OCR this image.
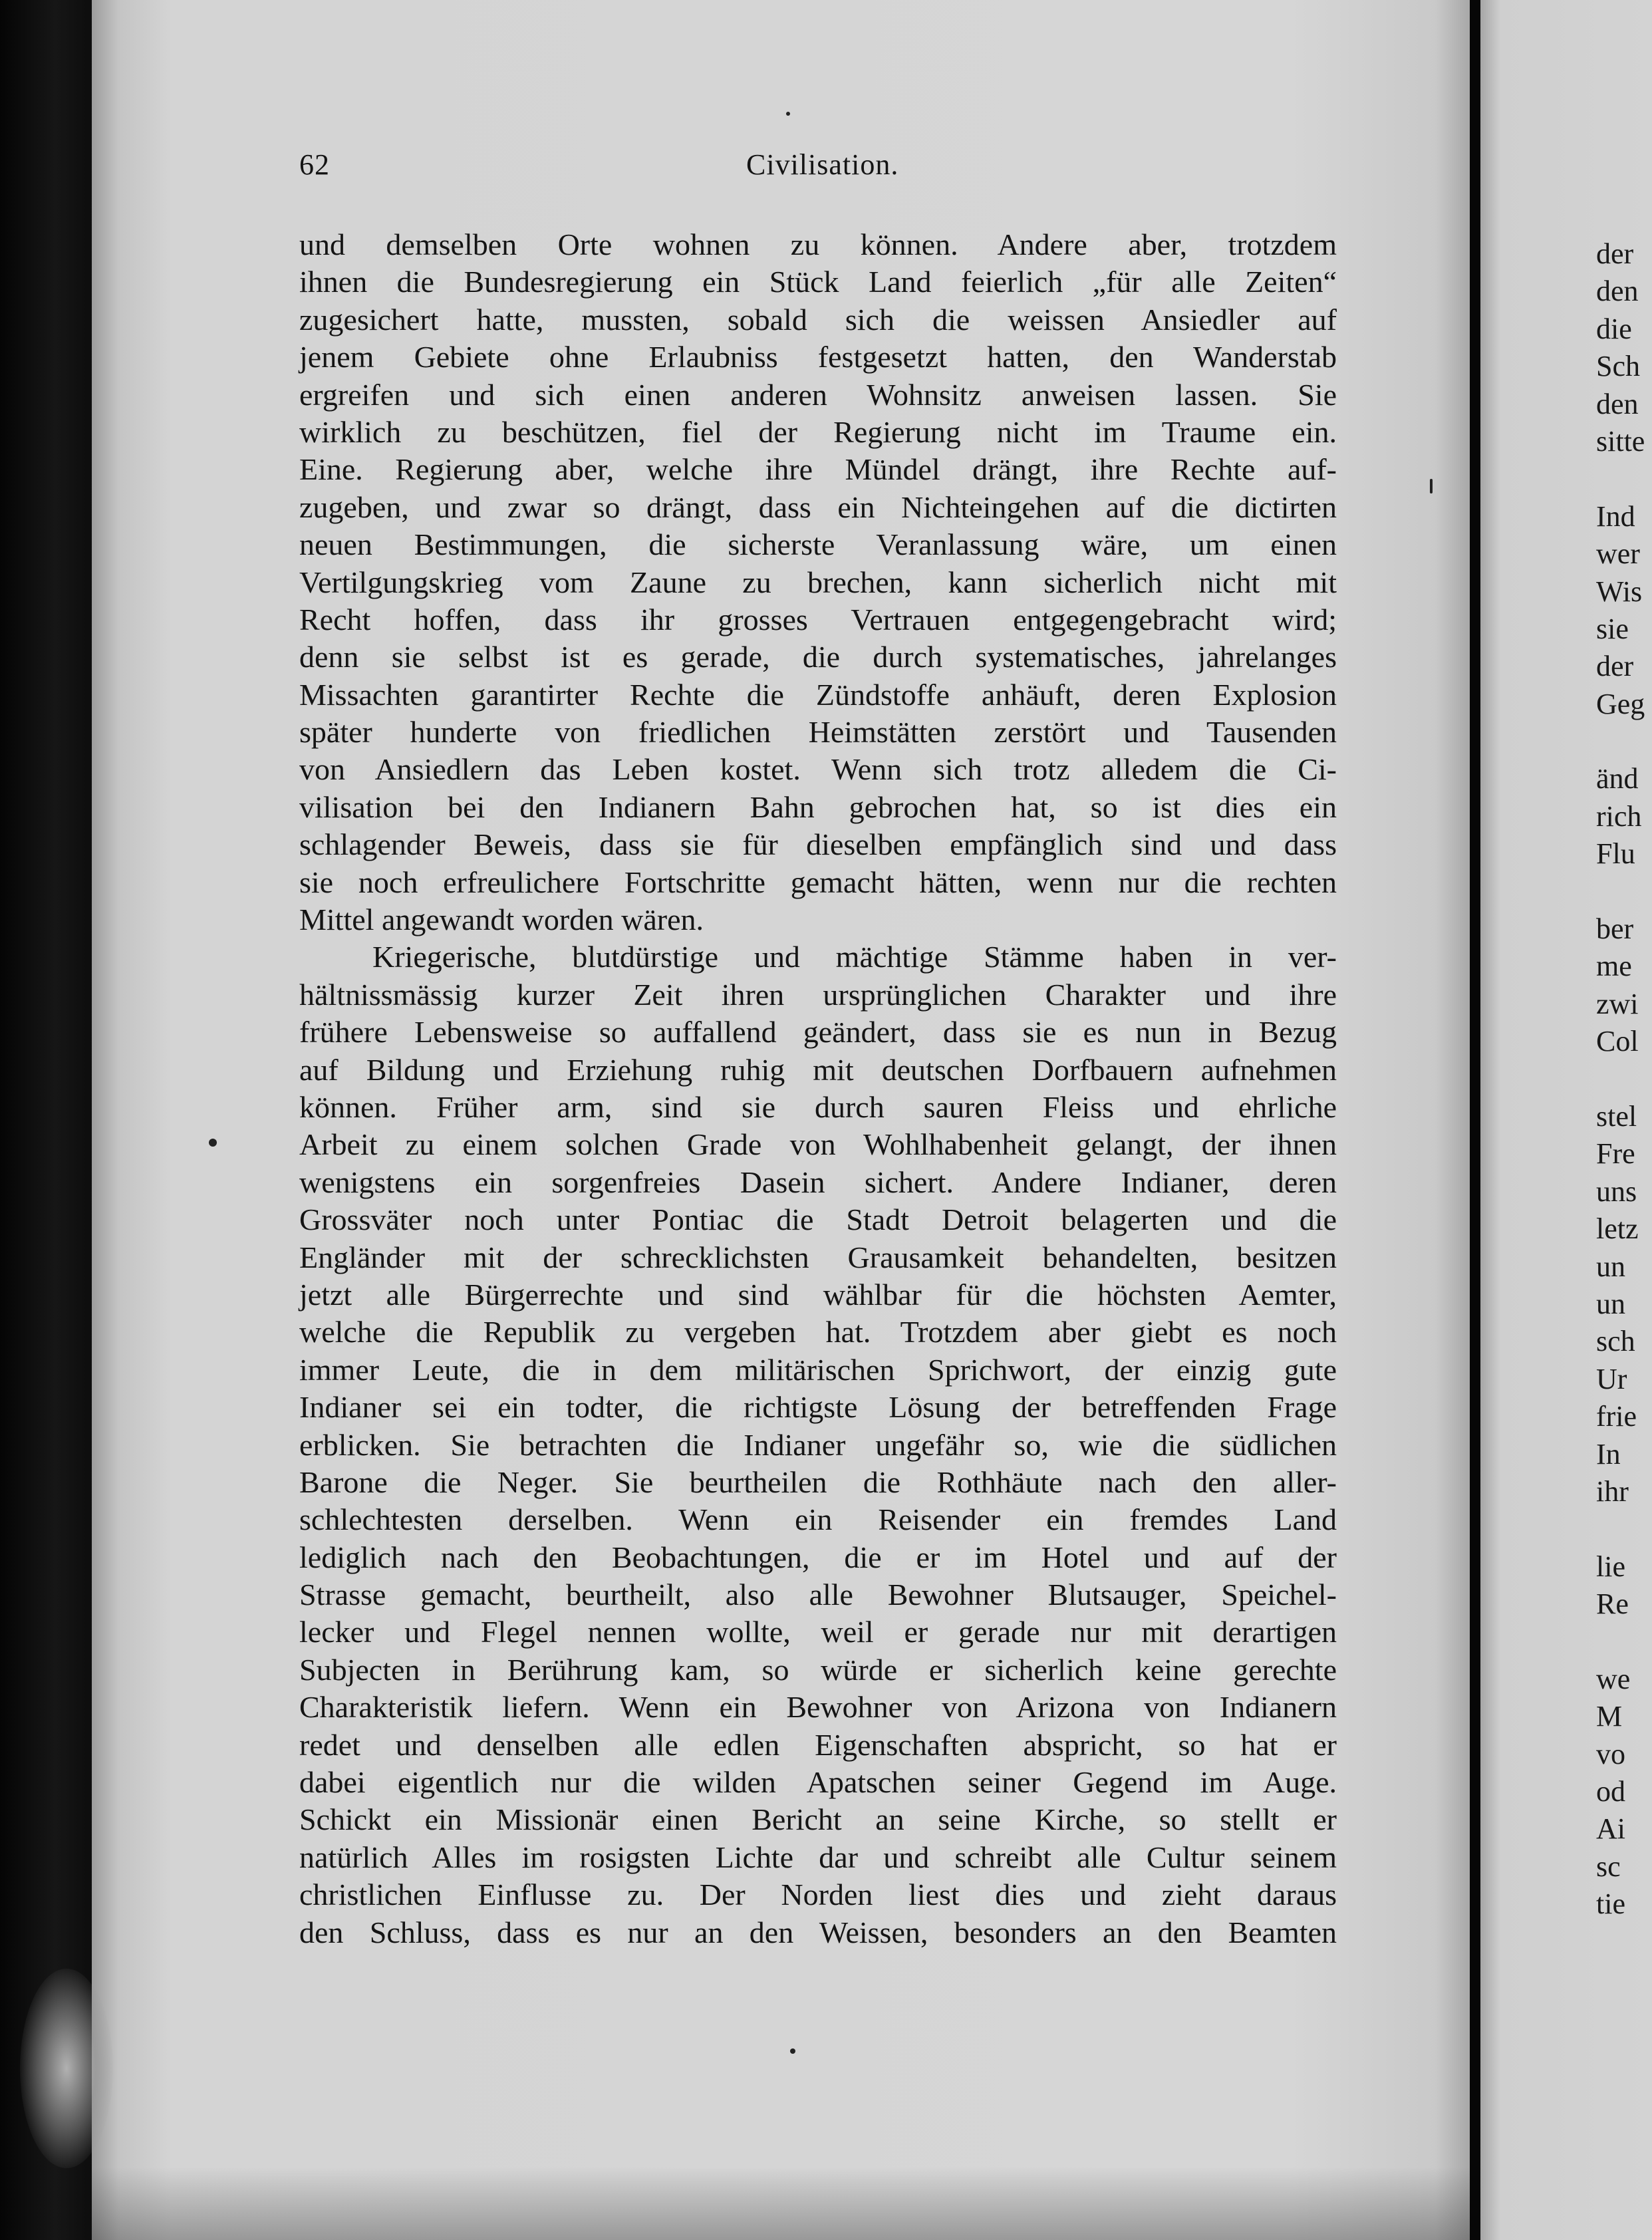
62	Civilisation.
und demselben Orte wohnen zu können. Andere aber, trotzdem
ihnen die Bundesregierung ein Stück Land feierlich „für alle Zeiten“
zugesichert hatte, mussten, sobald sich die weissen Ansiedler auf
jenem Gebiete ohne Erlaubniss festgesetzt hatten, den Wanderstab
ergreifen und sich einen anderen Wohnsitz anweisen lassen. Sie
wirklich zu beschützen, fiel der Regierung nicht im Traume ein.
Eine. Regierung aber, welche ihre Mündel drängt, ihre Rechte auf-
zugeben, und zwar so drängt, dass ein Nichteingehen auf die dictirten
neuen Bestimmungen, die sicherste Veranlassung wäre, um einen
Vertilgungskrieg vom Zaune zu brechen, kann sicherlich nicht mit
Recht hoffen, dass ihr grosses Vertrauen entgegengebracht wird;
denn sie selbst ist es gerade, die durch systematisches, jahrelanges
Missachten garantirter Rechte die Zündstoffe anhäuft, deren Explosion
später hunderte von friedlichen Heimstätten zerstört und Tausenden
von Ansiedlern das Leben kostet. Wenn sich trotz alledem die Ci-
vilisation bei den Indianern Bahn gebrochen hat, so ist dies ein
schlagender Beweis, dass sie für dieselben empfänglich sind und dass
sie noch erfreulichere Fortschritte gemacht hätten, wenn nur die rechten
Mittel angewandt worden wären.
Kriegerische, blutdürstige und mächtige Stämme haben in ver-
hältnissmässig kurzer Zeit ihren ursprünglichen Charakter und ihre
frühere Lebensweise so auffallend geändert, dass sie es nun in Bezug
auf Bildung und Erziehung ruhig mit deutschen Dorfbauern aufnehmen
können. Früher arm, sind sie durch sauren Fleiss und ehrliche
Arbeit zu einem solchen Grade von Wohlhabenheit gelangt, der ihnen
wenigstens ein sorgenfreies Dasein sichert. Andere Indianer, deren
Grossväter noch unter Pontiac die Stadt Detroit belagerten und die
Engländer mit der schrecklichsten Grausamkeit behandelten, besitzen
jetzt alle Bürgerrechte und sind wählbar für die höchsten Aemter,
welche die Republik zu vergeben hat. Trotzdem aber giebt es noch
immer Leute, die in dem militärischen Sprichwort, der einzig gute
Indianer sei ein todter, die richtigste Lösung der betreffenden Frage
erblicken. Sie betrachten die Indianer ungefähr so, wie die südlichen
Barone die Neger. Sie beurtheilen die Rothhäute nach den aller-
schlechtesten derselben. Wenn ein Reisender ein fremdes Land
lediglich nach den Beobachtungen, die er im Hotel und auf der
Strasse gemacht, beurtheilt, also alle Bewohner Blutsauger, Speichel-
lecker und Flegel nennen wollte, weil er gerade nur mit derartigen
Subjecten in Berührung kam, so würde er sicherlich keine gerechte
Charakteristik liefern. Wenn ein Bewohner von Arizona von Indianern
redet und denselben alle edlen Eigenschaften abspricht, so hat er
dabei eigentlich nur die wilden Apatschen seiner Gegend im Auge.
Schickt ein Missionär einen Bericht an seine Kirche, so stellt er
natürlich Alles im rosigsten Lichte dar und schreibt alle Cultur seinem
christlichen Einflusse zu. Der Norden liest dies und zieht daraus
den Schluss, dass es nur an den Weissen, besonders an den Beamten
der
den
die
Sch
den
sitte
Ind
wer
Wis
sie
der
Geg
änd
rich
Flu
ber
me
zwi
Col
stel
Fre
uns
letz
un
un
sch
Ur
frie
In
ihr
lie
Re
we
M
vo
od
Ai
sc
tie
